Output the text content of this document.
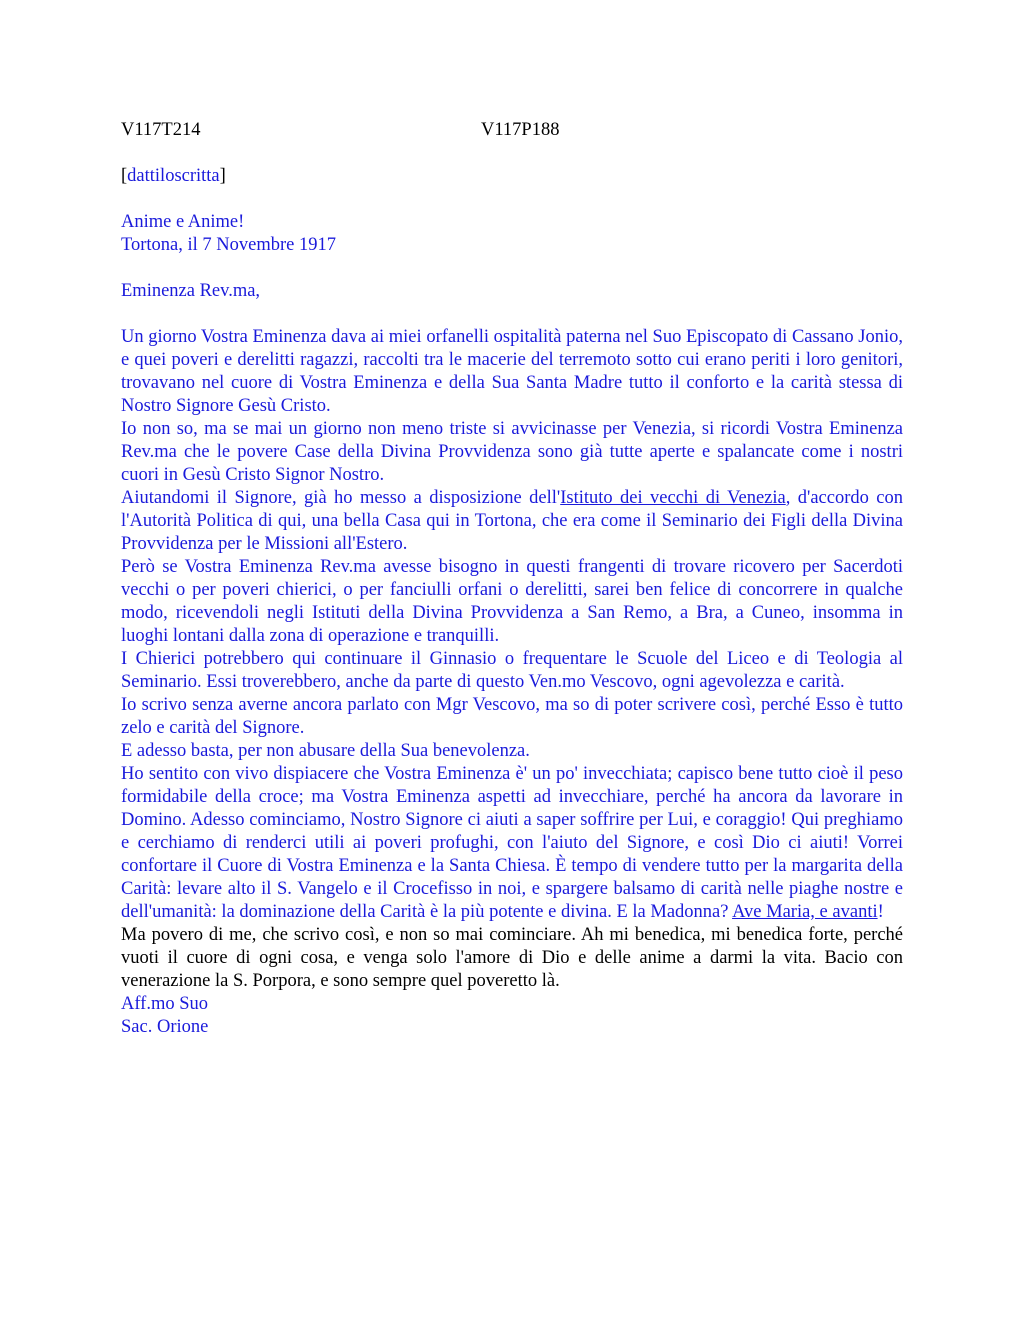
V117T214	V117P188

[dattiloscritta]

Anime e Anime!

Tortona, il 7 Novembre 1917

Eminenza Rev.ma,

Un giorno Vostra Eminenza dava ai miei orfanelli ospitalità paterna nel Suo Episcopato di Cassano Jonio, e quei poveri e derelitti ragazzi, raccolti tra le macerie del terremoto sotto cui erano periti i loro genitori, trovavano nel cuore di Vostra Eminenza e della Sua Santa Madre tutto il conforto e la carità stessa di Nostro Signore Gesù Cristo.

Io non so, ma se mai un giorno non meno triste si avvicinasse per Venezia, si ricordi Vostra Eminenza Rev.ma che le povere Case della Divina Provvidenza sono già tutte aperte e spalancate come i nostri cuori in Gesù Cristo Signor Nostro.

Aiutandomi il Signore, già ho messo a disposizione dell'Istituto dei vecchi di Venezia, d'accordo con l'Autorità Politica di qui, una bella Casa qui in Tortona, che era come il Seminario dei Figli della Divina Provvidenza per le Missioni all'Estero.

Però se Vostra Eminenza Rev.ma avesse bisogno in questi frangenti di trovare ricovero per Sacerdoti vecchi o per poveri chierici, o per fanciulli orfani o derelitti, sarei ben felice di concorrere in qualche modo, ricevendoli negli Istituti della Divina Provvidenza a San Remo, a Bra, a Cuneo, insomma in luoghi lontani dalla zona di operazione e tranquilli.

I Chierici potrebbero qui continuare il Ginnasio o frequentare le Scuole del Liceo e di Teologia al Seminario. Essi troverebbero, anche da parte di questo Ven.mo Vescovo, ogni agevolezza e carità.

Io scrivo senza averne ancora parlato con Mgr Vescovo, ma so di poter scrivere così, perché Esso è tutto zelo e carità del Signore.

E adesso basta, per non abusare della Sua benevolenza.

Ho sentito con vivo dispiacere che Vostra Eminenza è' un po' invecchiata; capisco bene tutto cioè il peso formidabile della croce; ma Vostra Eminenza aspetti ad invecchiare, perché ha ancora da lavorare in Domino. Adesso cominciamo, Nostro Signore ci aiuti a saper soffrire per Lui, e coraggio! Qui preghiamo e cerchiamo di renderci utili ai poveri profughi, con l'aiuto del Signore, e così Dio ci aiuti! Vorrei confortare il Cuore di Vostra Eminenza e la Santa Chiesa. È tempo di vendere tutto per la margarita della Carità: levare alto il S. Vangelo e il Crocefisso in noi, e spargere balsamo di carità nelle piaghe nostre e dell'umanità: la dominazione della Carità è la più potente e divina. E la Madonna? Ave Maria, e avanti!

Ma povero di me, che scrivo così, e non so mai cominciare. Ah mi benedica, mi benedica forte, perché vuoti il cuore di ogni cosa, e venga solo l'amore di Dio e delle anime a darmi la vita. Bacio con venerazione la S. Porpora, e sono sempre quel poveretto là.

Aff.mo Suo

Sac. Orione
